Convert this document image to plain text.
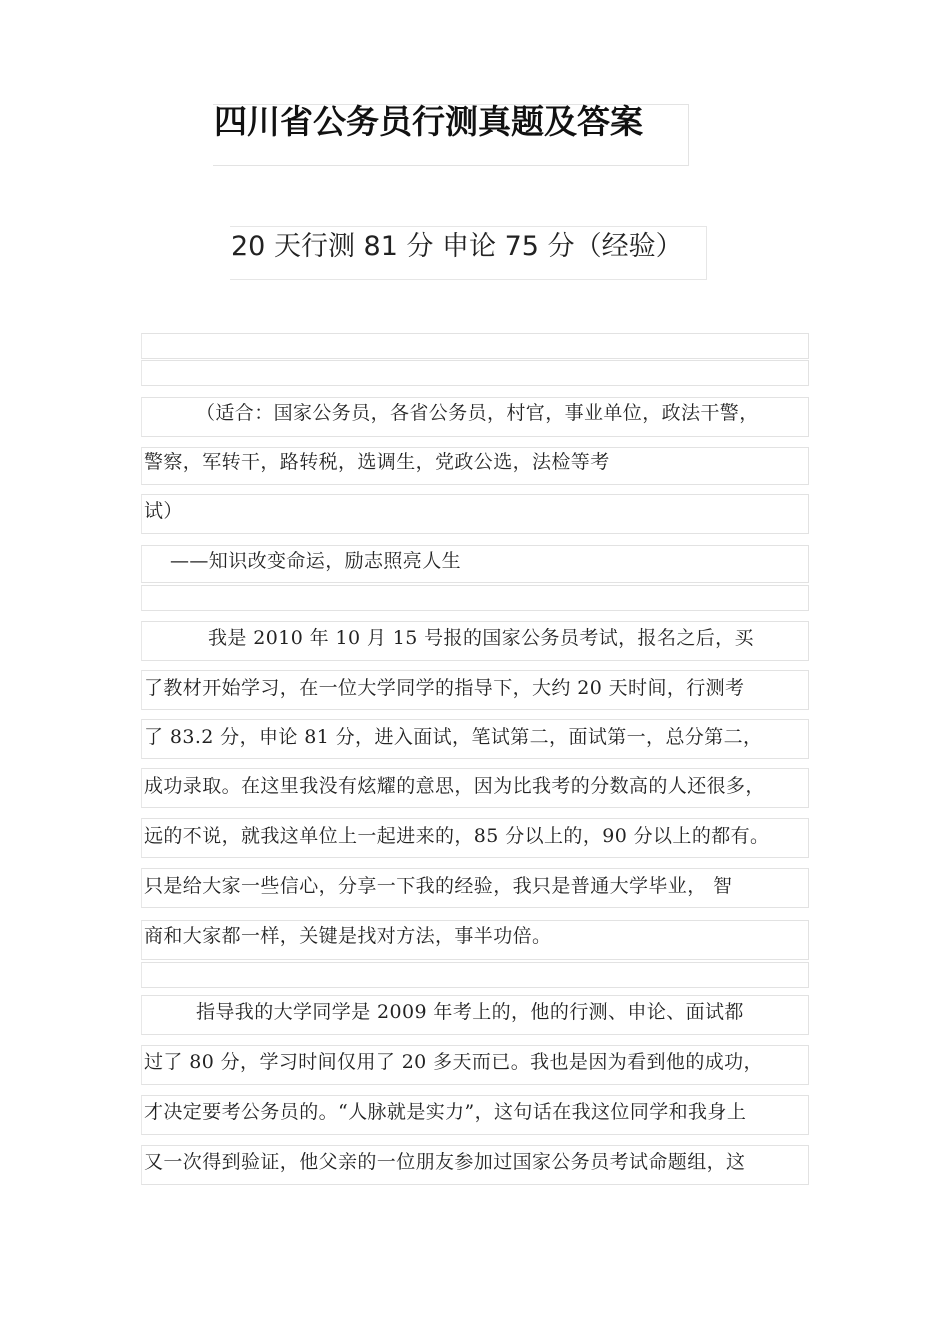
四川省公务员行测真题及答案
20 天行测 81 分 申论 75 分（经验）
（适合：国家公务员，各省公务员，村官，事业单位，政法干警，
警察，军转干，路转税，选调生，党政公选，法检等考
试）
——知识改变命运，励志照亮人生
我是 2010 年 10 月 15 号报的国家公务员考试，报名之后，买
了教材开始学习，在一位大学同学的指导下，大约 20 天时间，行测考
了 83.2 分，申论 81 分，进入面试，笔试第二，面试第一，总分第二，
成功录取。在这里我没有炫耀的意思，因为比我考的分数高的人还很多，
远的不说，就我这单位上一起进来的，85 分以上的，90 分以上的都有。
只是给大家一些信心，分享一下我的经验，我只是普通大学毕业， 智
商和大家都一样，关键是找对方法，事半功倍。
指导我的大学同学是 2009 年考上的，他的行测、申论、面试都
过了 80 分，学习时间仅用了 20 多天而已。我也是因为看到他的成功，
才决定要考公务员的。“人脉就是实力”，这句话在我这位同学和我身上
又一次得到验证，他父亲的一位朋友参加过国家公务员考试命题组，这
